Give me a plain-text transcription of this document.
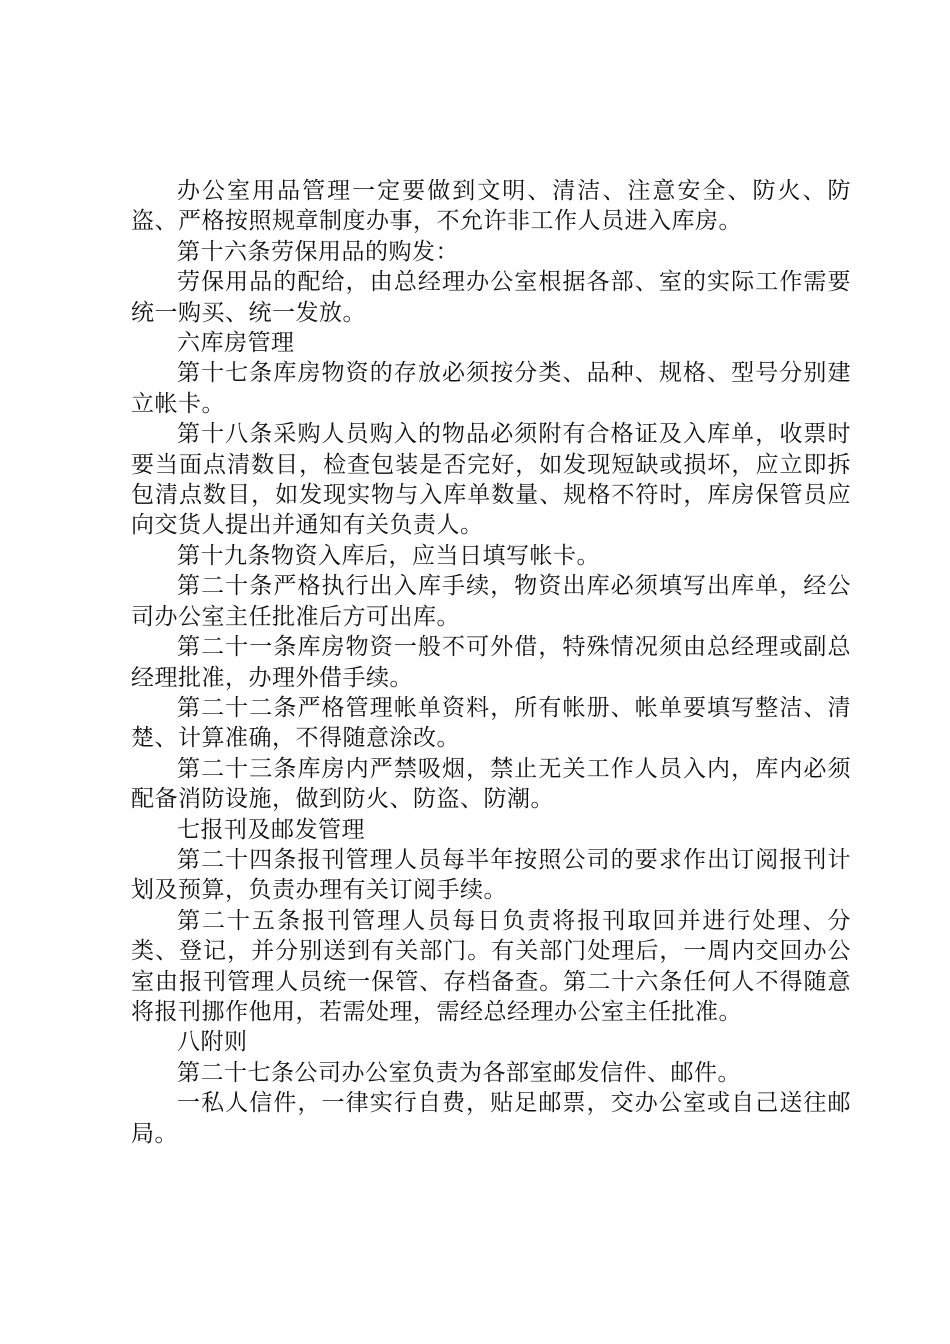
办公室用品管理一定要做到文明、清洁、注意安全、防火、防盗、严格按照规章制度办事，不允许非工作人员进入库房。

第十六条劳保用品的购发：

劳保用品的配给，由总经理办公室根据各部、室的实际工作需要统一购买、统一发放。

六库房管理

第十七条库房物资的存放必须按分类、品种、规格、型号分别建立帐卡。

第十八条采购人员购入的物品必须附有合格证及入库单，收票时要当面点清数目，检查包装是否完好，如发现短缺或损坏，应立即拆包清点数目，如发现实物与入库单数量、规格不符时，库房保管员应向交货人提出并通知有关负责人。

第十九条物资入库后，应当日填写帐卡。

第二十条严格执行出入库手续，物资出库必须填写出库单，经公司办公室主任批准后方可出库。

第二十一条库房物资一般不可外借，特殊情况须由总经理或副总经理批准，办理外借手续。

第二十二条严格管理帐单资料，所有帐册、帐单要填写整洁、清楚、计算准确，不得随意涂改。

第二十三条库房内严禁吸烟，禁止无关工作人员入内，库内必须配备消防设施，做到防火、防盗、防潮。

七报刊及邮发管理

第二十四条报刊管理人员每半年按照公司的要求作出订阅报刊计划及预算，负责办理有关订阅手续。

第二十五条报刊管理人员每日负责将报刊取回并进行处理、分类、登记，并分别送到有关部门。有关部门处理后，一周内交回办公室由报刊管理人员统一保管、存档备查。第二十六条任何人不得随意将报刊挪作他用，若需处理，需经总经理办公室主任批准。

八附则

第二十七条公司办公室负责为各部室邮发信件、邮件。

一私人信件，一律实行自费，贴足邮票，交办公室或自己送往邮局。
